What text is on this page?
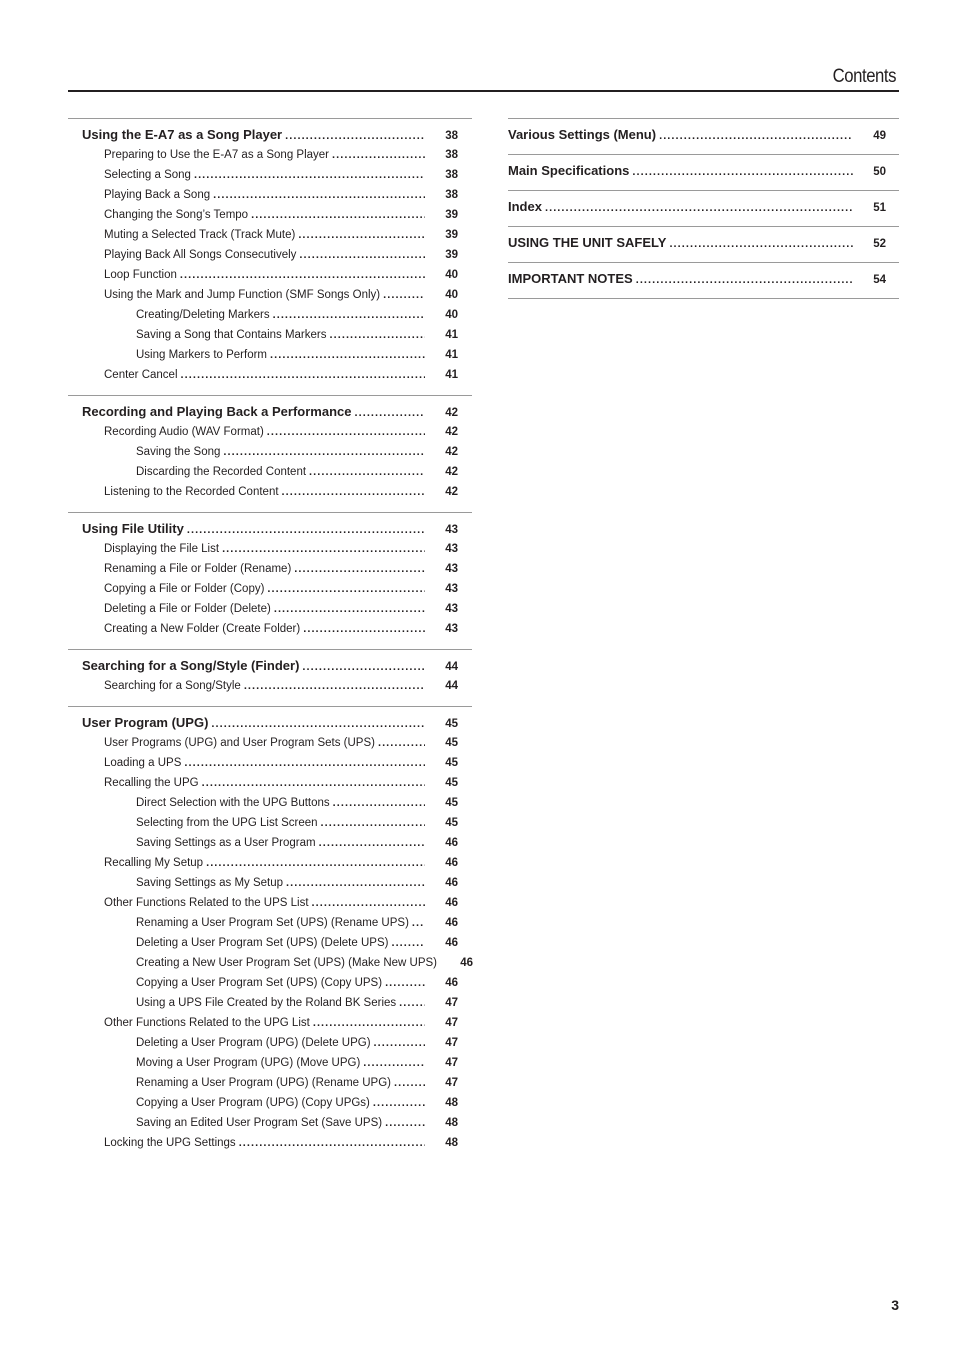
Contents
Using the E-A7 as a Song Player . . .	38
Preparing to Use the E-A7 as a Song Player . . .	38
Selecting a Song . . .	38
Playing Back a Song . . .	38
Changing the Song’s Tempo . . .	39
Muting a Selected Track (Track Mute) . . .	39
Playing Back All Songs Consecutively . . .	39
Loop Function . . .	40
Using the Mark and Jump Function (SMF Songs Only) . . .	40
Creating/Deleting Markers . . .	40
Saving a Song that Contains Markers . . .	41
Using Markers to Perform . . .	41
Center Cancel . . .	41
Recording and Playing Back a Performance . . .	42
Recording Audio (WAV Format) . . .	42
Saving the Song . . .	42
Discarding the Recorded Content . . .	42
Listening to the Recorded Content . . .	42
Using File Utility . . .	43
Displaying the File List . . .	43
Renaming a File or Folder (Rename) . . .	43
Copying a File or Folder (Copy) . . .	43
Deleting a File or Folder (Delete) . . .	43
Creating a New Folder (Create Folder) . . .	43
Searching for a Song/Style (Finder) . . .	44
Searching for a Song/Style . . .	44
User Program (UPG) . . .	45
User Programs (UPG) and User Program Sets (UPS) . . .	45
Loading a UPS . . .	45
Recalling the UPG . . .	45
Direct Selection with the UPG Buttons . . .	45
Selecting from the UPG List Screen . . .	45
Saving Settings as a User Program . . .	46
Recalling My Setup . . .	46
Saving Settings as My Setup . . .	46
Other Functions Related to the UPS List . . .	46
Renaming a User Program Set (UPS) (Rename UPS) . . .	46
Deleting a User Program Set (UPS) (Delete UPS) . . .	46
Creating a New User Program Set (UPS) (Make New UPS)	46
Copying a User Program Set (UPS) (Copy UPS) . . .	46
Using a UPS File Created by the Roland BK Series . . .	47
Other Functions Related to the UPG List . . .	47
Deleting a User Program (UPG) (Delete UPG) . . .	47
Moving a User Program (UPG) (Move UPG) . . .	47
Renaming a User Program (UPG) (Rename UPG) . . .	47
Copying a User Program (UPG) (Copy UPGs) . . .	48
Saving an Edited User Program Set (Save UPS) . . .	48
Locking the UPG Settings . . .	48
Various Settings (Menu) . . .	49
Main Specifications . . .	50
Index . . .	51
USING THE UNIT SAFELY . . .	52
IMPORTANT NOTES . . .	54
3
